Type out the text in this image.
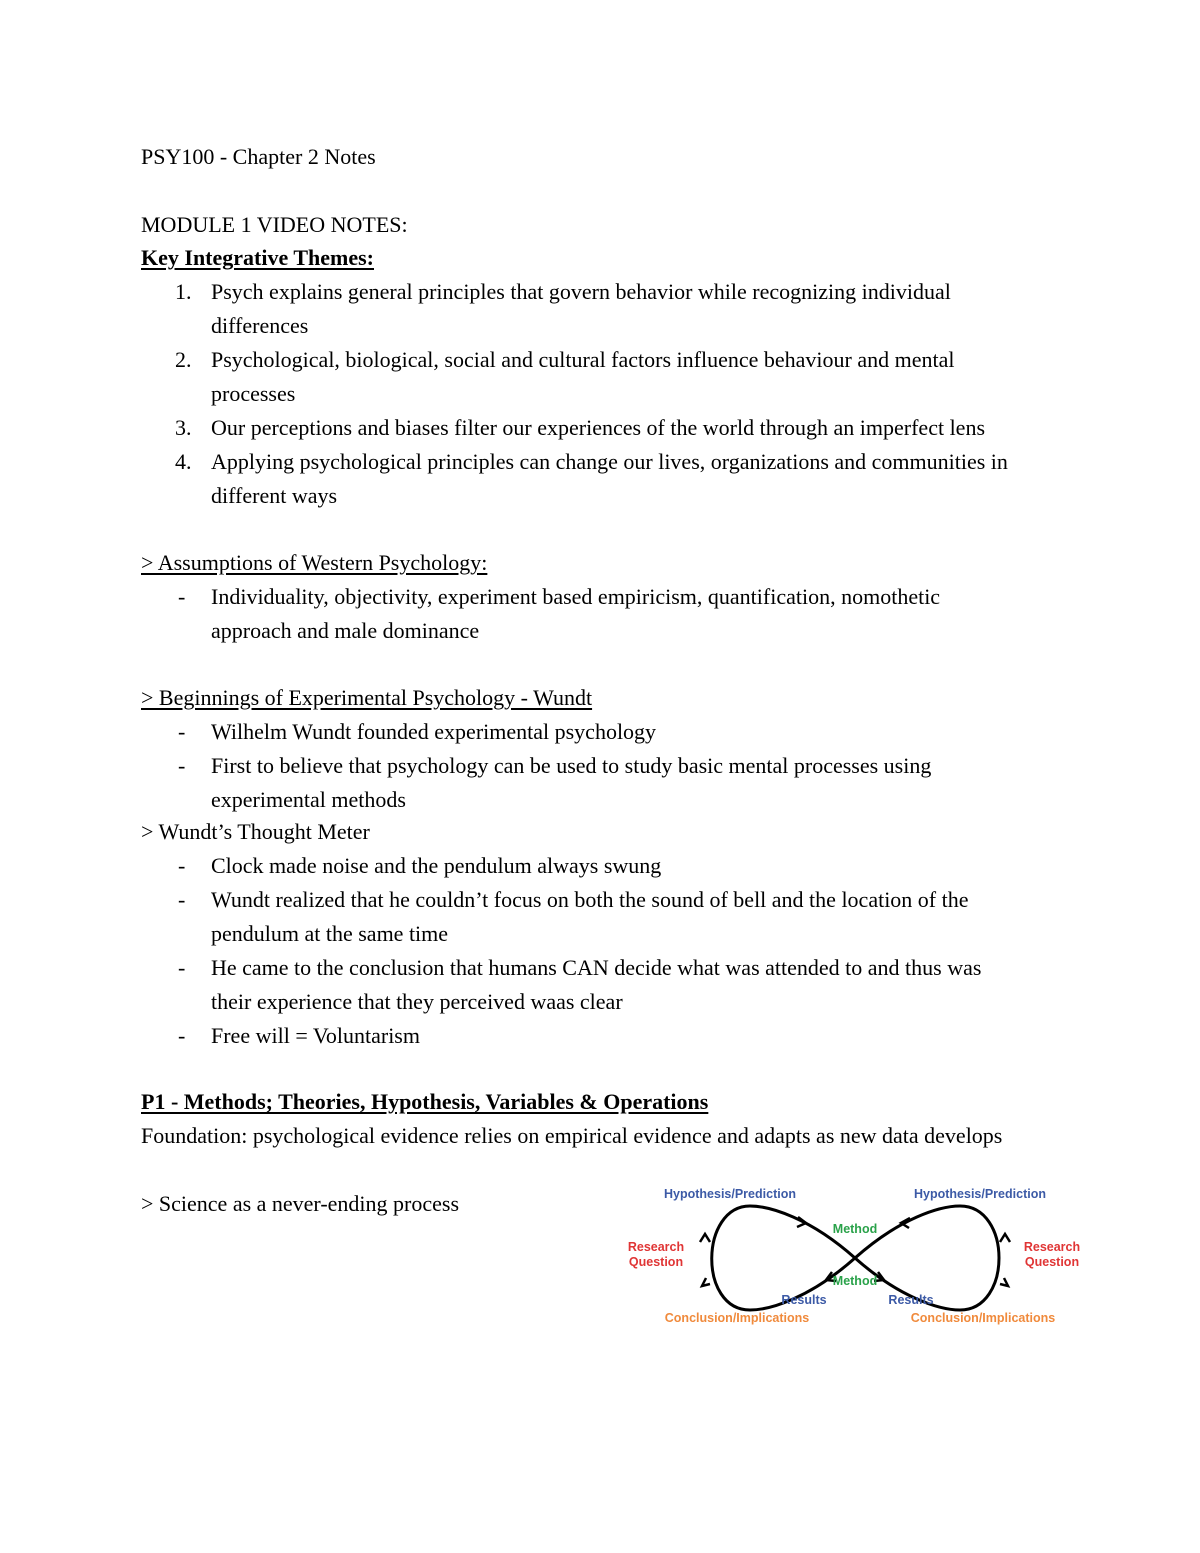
PSY100 - Chapter 2 Notes
MODULE 1 VIDEO NOTES:
Key Integrative Themes:
1. Psych explains general principles that govern behavior while recognizing individual
differences
2. Psychological, biological, social and cultural factors influence behaviour and mental
processes
3. Our perceptions and biases filter our experiences of the world through an imperfect lens
4. Applying psychological principles can change our lives, organizations and communities in
different ways
> Assumptions of Western Psychology:
- Individuality, objectivity, experiment based empiricism, quantification, nomothetic
approach and male dominance
> Beginnings of Experimental Psychology - Wundt
- Wilhelm Wundt founded experimental psychology
- First to believe that psychology can be used to study basic mental processes using
experimental methods
> Wundt’s Thought Meter
- Clock made noise and the pendulum always swung
- Wundt realized that he couldn’t focus on both the sound of bell and the location of the
pendulum at the same time
- He came to the conclusion that humans CAN decide what was attended to and thus was
their experience that they perceived waas clear
- Free will = Voluntarism
P1 - Methods; Theories, Hypothesis, Variables & Operations
Foundation: psychological evidence relies on empirical evidence and adapts as new data develops
> Science as a never-ending process	Hypothesis/Prediction	Hypothesis/Prediction
Method
Method
Research
Question
Research
Question
Results	Results
Conclusion/Implications	Conclusion/Implications
